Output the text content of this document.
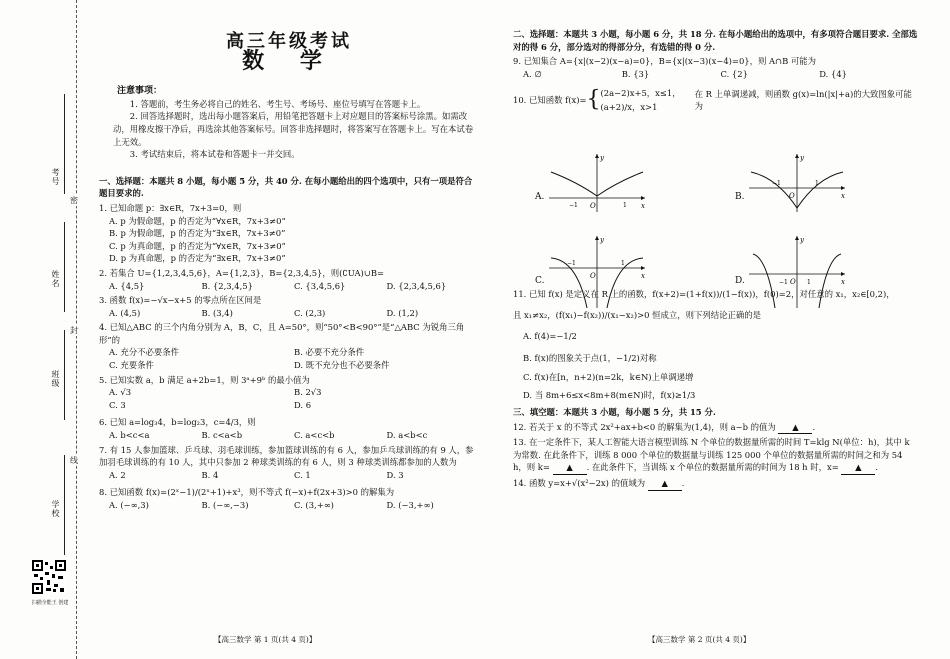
考号
姓名
班级
学校
密
封
线
扫描全能王 创建
高三年级考试
数 学
注意事项：
1. 答题前，考生务必将自己的姓名、考生号、考场号、座位号填写在答题卡上。
2. 回答选择题时，选出每小题答案后，用铅笔把答题卡上对应题目的答案标号涂黑。如需改动，用橡皮擦干净后，再选涂其他答案标号。回答非选择题时，将答案写在答题卡上。写在本试卷上无效。
3. 考试结束后，将本试卷和答题卡一并交回。
一、选择题：本题共 8 小题，每小题 5 分，共 40 分. 在每小题给出的四个选项中，只有一项是符合题目要求的.
1. 已知命题 p：∃x∈R，7x+3=0，则
A. p 为假命题，p 的否定为“∀x∈R，7x+3≠0”
B. p 为假命题，p 的否定为“∃x∈R，7x+3≠0”
C. p 为真命题，p 的否定为“∀x∈R，7x+3≠0”
D. p 为真命题，p 的否定为“∃x∈R，7x+3≠0”
2. 若集合 U={1,2,3,4,5,6}，A={1,2,3}，B={2,3,4,5}，则(∁UA)∪B=
A. {4,5}	B. {2,3,4,5}	C. {3,4,5,6}	D. {2,3,4,5,6}
3. 函数 f(x)=−√x−x+5 的零点所在区间是
A. (4,5)	B. (3,4)	C. (2,3)	D. (1,2)
4. 已知△ABC 的三个内角分别为 A，B，C，且 A=50°，则“50°<B<90°”是“△ABC 为锐角三角形”的
A. 充分不必要条件	B. 必要不充分条件
C. 充要条件	D. 既不充分也不必要条件
5. 已知实数 a，b 满足 a+2b=1，则 3ᵃ+9ᵇ 的最小值为
A. √3	B. 2√3
C. 3	D. 6
6. 已知 a=log₃4，b=log₂3，c=4/3，则
A. b<c<a	B. c<a<b	C. a<c<b	D. a<b<c
7. 有 15 人参加篮球、乒乓球、羽毛球训练，参加篮球训练的有 6 人，参加乒乓球训练的有 9 人，参加羽毛球训练的有 10 人，其中只参加 2 种球类训练的有 6 人，则 3 种球类训练都参加的人数为
A. 2	B. 4	C. 1	D. 3
8. 已知函数 f(x)=(2ˣ−1)/(2ˣ+1)+x³，则不等式 f(−x)+f(2x+3)>0 的解集为
A. (−∞,3)	B. (−∞,−3)	C. (3,+∞)	D. (−3,+∞)
【高三数学 第 1 页(共 4 页)】
二、选择题：本题共 3 小题，每小题 6 分，共 18 分. 在每小题给出的选项中，有多项符合题目要求. 全部选对的得 6 分，部分选对的得部分分，有选错的得 0 分.
9. 已知集合 A={x|(x−2)(x−a)=0}，B={x|(x−3)(x−4)=0}，则 A∩B 可能为
A. ∅	B. {3}	C. {2}	D. {4}
10. 已知函数 f(x)= { (2a−2)x+5，x≤1，
(a+2)/x，x>1
在 R 上单调递减，则函数 g(x)=ln(|x|+a)的大致图象可能为
11. 已知 f(x) 是定义在 R 上的函数，f(x+2)=(1+f(x))/(1−f(x))，f(0)=2，对任意的 x₁，x₂∈[0,2)，
且 x₁≠x₂，(f(x₁)−f(x₂))/(x₁−x₂)>0 恒成立，则下列结论正确的是
A. f(4)=−1/2
B. f(x)的图象关于点(1，−1/2)对称
C. f(x)在[n，n+2)(n=2k，k∈N)上单调递增
D. 当 8m+6≤x<8m+8(m∈N)时，f(x)≥1/3
三、填空题：本题共 3 小题，每小题 5 分，共 15 分.
12. 若关于 x 的不等式 2x²+ax+b<0 的解集为(1,4)，则 a−b 的值为 ▲ .
13. 在一定条件下，某人工智能大语言模型训练 N 个单位的数据量所需的时间 T=klg N(单位：h)，其中 k 为常数. 在此条件下，训练 8 000 个单位的数据量与训练 125 000 个单位的数据量所需的时间之和为 54 h，则 k= ▲ . 在此条件下，当训练 x 个单位的数据量所需的时间为 18 h 时，x= ▲ .
14. 函数 y=x+√(x²−2x) 的值域为 ▲ .
【高三数学 第 2 页(共 4 页)】
A.	B.
C.	D.
x
y
O
−1	1
x
y
O
−1	1
x
y
O
−1	1
x
y
O
−1	1
